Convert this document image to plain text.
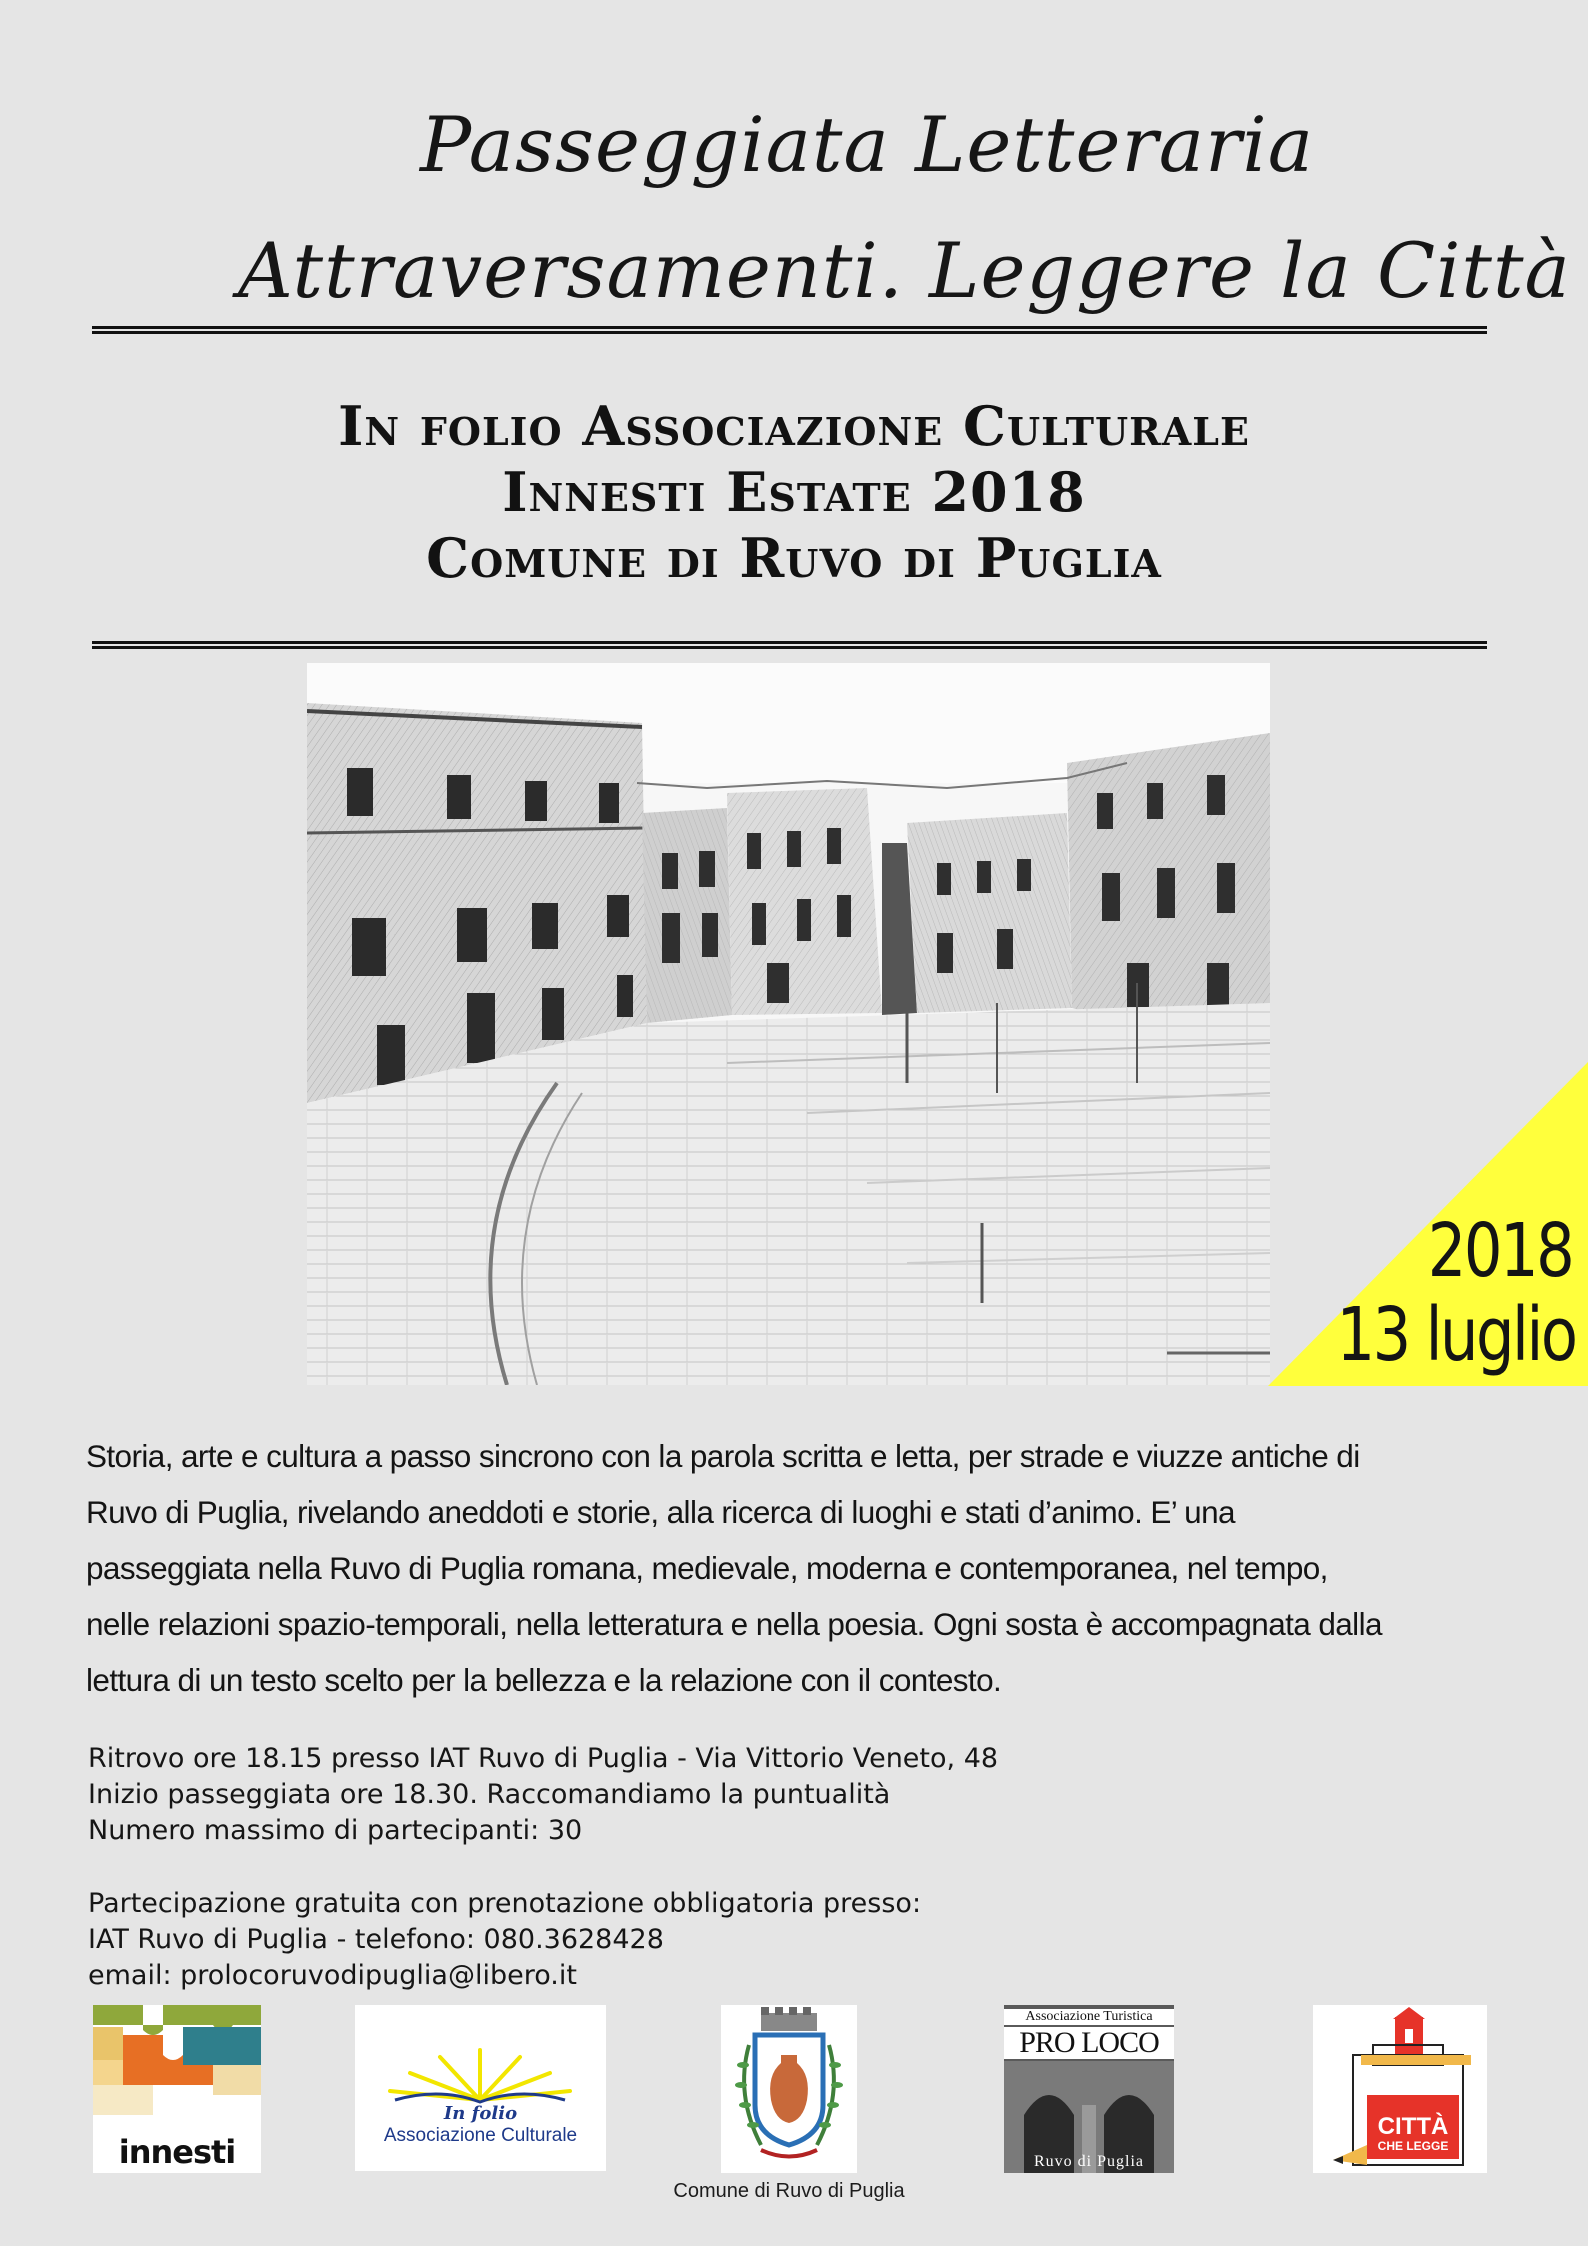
Passeggiata Letteraria
Attraversamenti. Leggere la Città
In folio Associazione Culturale
Innesti Estate 2018
Comune di Ruvo di Puglia
2018
13 luglio
Storia, arte e cultura a passo sincrono con la parola scritta e letta, per strade e viuzze antiche di
Ruvo di Puglia, rivelando aneddoti e storie, alla ricerca di luoghi e stati d’animo. E’ una
passeggiata nella Ruvo di Puglia romana, medievale, moderna e contemporanea, nel tempo,
nelle relazioni spazio-temporali, nella letteratura e nella poesia. Ogni sosta è accompagnata dalla
lettura di un testo scelto per la bellezza e la relazione con il contesto.
Ritrovo ore 18.15 presso IAT Ruvo di Puglia - Via Vittorio Veneto, 48
Inizio passeggiata ore 18.30. Raccomandiamo la puntualità
Numero massimo di partecipanti: 30
Partecipazione gratuita con prenotazione obbligatoria presso:
IAT Ruvo di Puglia - telefono: 080.3628428
email: prolocoruvodipuglia@libero.it
innesti
In folio
Associazione Culturale
Associazione Turistica
PRO LOCO
Ruvo di Puglia
CITTÀ
CHE LEGGE
Comune di Ruvo di Puglia
